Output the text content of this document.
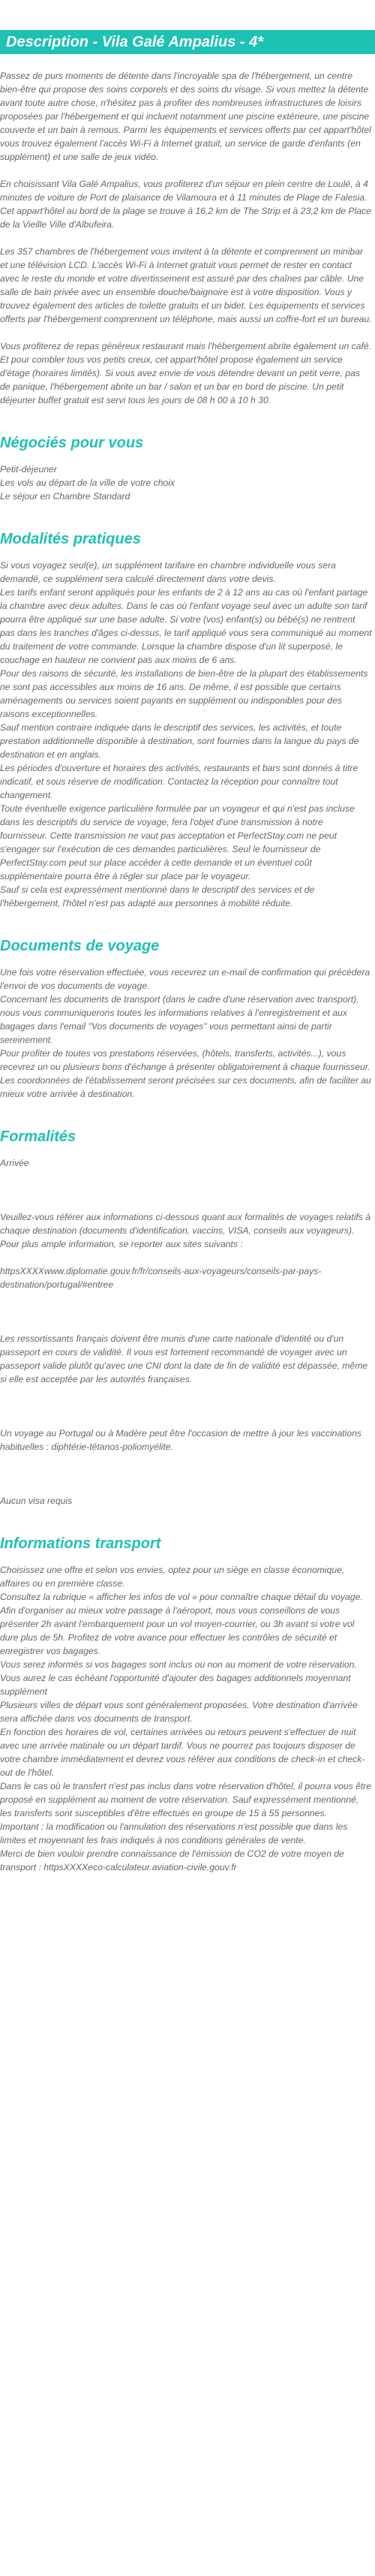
Description - Vila Galé Ampalius - 4*

Passez de purs moments de détente dans l'incroyable spa de l'hébergement, un centre bien-être qui propose des soins corporels et des soins du visage. Si vous mettez la détente avant toute autre chose, n'hésitez pas à profiter des nombreuses infrastructures de loisirs proposées par l'hébergement et qui incluent notamment une piscine extérieure, une piscine couverte et un bain à remous. Parmi les équipements et services offerts par cet appart'hôtel vous trouvez également l'accès Wi-Fi à Internet gratuit, un service de garde d'enfants (en supplément) et une salle de jeux vidéo.

En choisissant Vila Galé Ampalius, vous profiterez d'un séjour en plein centre de Loulé, à 4 minutes de voiture de Port de plaisance de Vilamoura et à 11 minutes de Plage de Falesia. Cet appart'hôtel au bord de la plage se trouve à 16,2 km de The Strip et à 23,2 km de Place de la Vieille Ville d'Albufeira.

Les 357 chambres de l'hébergement vous invitent à la détente et comprennent un minibar et une télévision LCD. L'accès Wi-Fi à Internet gratuit vous permet de rester en contact avec le reste du monde et votre divertissement est assuré par des chaînes par câble. Une salle de bain privée avec un ensemble douche/baignoire est à votre disposition. Vous y trouvez également des articles de toilette gratuits et un bidet. Les équipements et services offerts par l'hébergement comprennent un téléphone, mais aussi un coffre-fort et un bureau.

Vous profiterez de repas généreux restaurant mais l'hébergement abrite également un café. Et pour combler tous vos petits creux, cet appart'hôtel propose également un service d'étage (horaires limités). Si vous avez envie de vous détendre devant un petit verre, pas de panique, l'hébergement abrite un bar / salon et un bar en bord de piscine. Un petit déjeuner buffet gratuit est servi tous les jours de 08 h 00 à 10 h 30.

Négociés pour vous

Petit-déjeuner
Les vols au départ de la ville de votre choix
Le séjour en Chambre Standard

Modalités pratiques

Si vous voyagez seul(e), un supplément tarifaire en chambre individuelle vous sera demandé, ce supplément sera calculé directement dans votre devis.
Les tarifs enfant seront appliqués pour les enfants de 2 à 12 ans au cas où l'enfant partage la chambre avec deux adultes. Dans le cas où l'enfant voyage seul avec un adulte son tarif pourra être appliqué sur une base adulte. Si votre (vos) enfant(s) ou bébé(s) ne rentrent pas dans les tranches d'âges ci-dessus, le tarif appliqué vous sera communiqué au moment du traitement de votre commande. Lorsque la chambre dispose d'un lit superposé, le couchage en hauteur ne convient pas aux moins de 6 ans.
Pour des raisons de sécurité, les installations de bien-être de la plupart des établissements ne sont pas accessibles aux moins de 16 ans. De même, il est possible que certains aménagements ou services soient payants en supplément ou indisponibles pour des raisons exceptionnelles.
Sauf mention contraire indiquée dans le descriptif des services, les activités, et toute prestation additionnelle disponible à destination, sont fournies dans la langue du pays de destination et en anglais.
Les périodes d'ouverture et horaires des activités, restaurants et bars sont donnés à titre indicatif, et sous réserve de modification. Contactez la réception pour connaître tout changement.
Toute éventuelle exigence particulière formulée par un voyageur et qui n'est pas incluse dans les descriptifs du service de voyage, fera l'objet d'une transmission à notre fournisseur. Cette transmission ne vaut pas acceptation et PerfectStay.com ne peut s'engager sur l'exécution de ces demandes particulières. Seul le fournisseur de PerfectStay.com peut sur place accéder à cette demande et un éventuel coût supplémentaire pourra être à régler sur place par le voyageur.
Sauf si cela est expressément mentionné dans le descriptif des services et de l'hébergement, l'hôtel n'est pas adapté aux personnes à mobilité réduite.

Documents de voyage

Une fois votre réservation effectuée, vous recevrez un e-mail de confirmation qui précédera l'envoi de vos documents de voyage.
Concernant les documents de transport (dans le cadre d'une réservation avec transport), nous vous communiquerons toutes les informations relatives à l'enregistrement et aux bagages dans l'email "Vos documents de voyages" vous permettant ainsi de partir sereinement.
Pour profiter de toutes vos prestations réservées, (hôtels, transferts, activités...), vous recevrez un ou plusieurs bons d'échange à présenter obligatoirement à chaque fournisseur.
Les coordonnées de l'établissement seront précisées sur ces documents, afin de faciliter au mieux votre arrivée à destination.

Formalités

Arrivée

Veuillez-vous référer aux informations ci-dessous quant aux formalités de voyages relatifs à chaque destination (documents d'identification, vaccins, VISA, conseils aux voyageurs).
Pour plus ample information, se reporter aux sites suivants :

httpsXXXXwww.diplomatie.gouv.fr/fr/conseils-aux-voyageurs/conseils-par-pays-destination/portugal/#entree

Les ressortissants français doivent être munis d'une carte nationale d'identité ou d'un passeport en cours de validité. Il vous est fortement recommandé de voyager avec un passeport valide plutôt qu'avec une CNI dont la date de fin de validité est dépassée, même si elle est acceptée par les autorités françaises.

Un voyage au Portugal ou à Madère peut être l'occasion de mettre à jour les vaccinations habituelles : diphtérie-tétanos-poliomyélite.

Aucun visa requis

Informations transport

Choisissez une offre et selon vos envies, optez pour un siège en classe économique, affaires ou en première classe.
Consultez la rubrique « afficher les infos de vol » pour connaître chaque détail du voyage.
Afin d'organiser au mieux votre passage à l'aéroport, nous vous conseillons de vous présenter 2h avant l'embarquement pour un vol moyen-courrier, ou 3h avant si votre vol dure plus de 5h. Profitez de votre avance pour effectuer les contrôles de sécurité et enregistrer vos bagages.
Vous serez informés si vos bagages sont inclus ou non au moment de votre réservation.
Vous aurez le cas échéant l'opportunité d'ajouter des bagages additionnels moyennant supplément
Plusieurs villes de départ vous sont généralement proposées. Votre destination d'arrivée sera affichée dans vos documents de transport.
En fonction des horaires de vol, certaines arrivées ou retours peuvent s'effectuer de nuit avec une arrivée matinale ou un départ tardif. Vous ne pourrez pas toujours disposer de votre chambre immédiatement et devrez vous référer aux conditions de check-in et check-out de l'hôtel.
Dans le cas où le transfert n'est pas inclus dans votre réservation d'hôtel, il pourra vous être proposé en supplément au moment de votre réservation. Sauf expressément mentionné, les transferts sont susceptibles d'être effectués en groupe de 15 à 55 personnes.
Important : la modification ou l'annulation des réservations n'est possible que dans les limites et moyennant les frais indiqués à nos conditions générales de vente.
Merci de bien vouloir prendre connaissance de l'émission de CO2 de votre moyen de transport : httpsXXXXeco-calculateur.aviation-civile.gouv.fr
